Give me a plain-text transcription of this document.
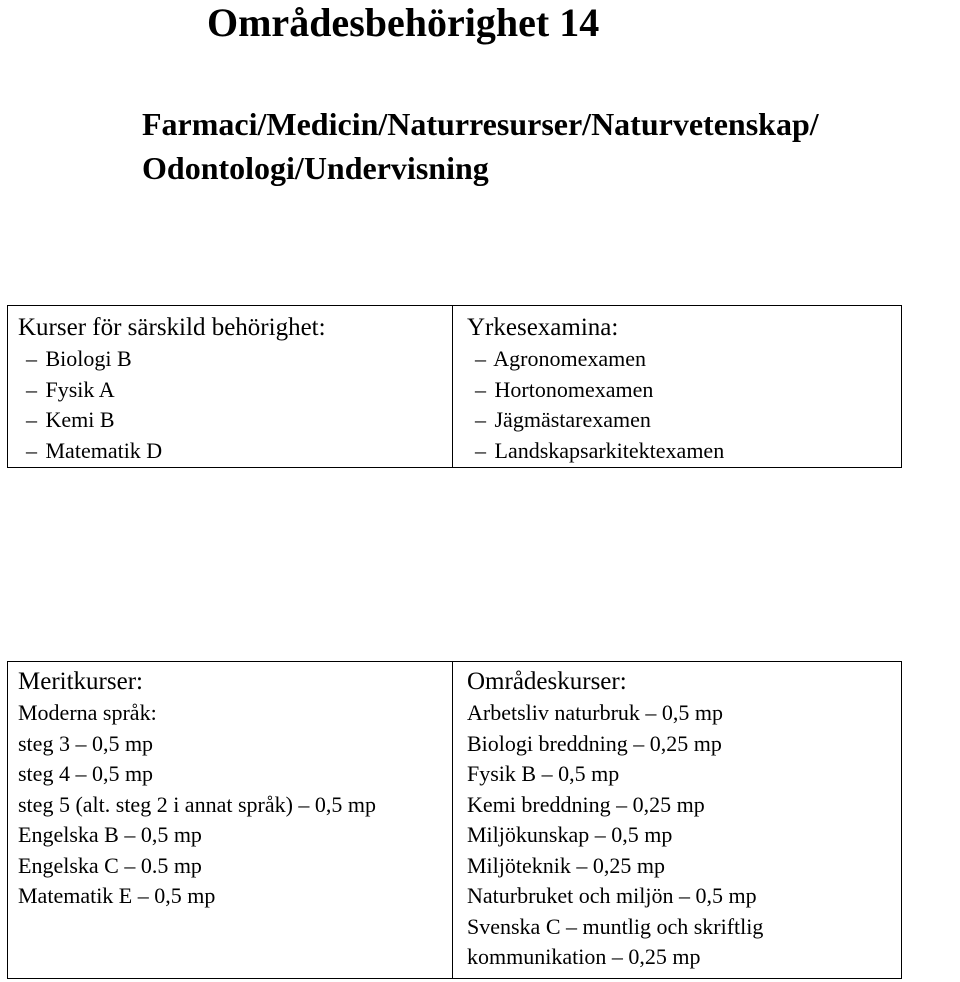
Områdesbehörighet 14
Farmaci/Medicin/Naturresurser/Naturvetenskap/
Odontologi/Undervisning
Kurser för särskild behörighet:
– Biologi B
– Fysik A
– Kemi B
– Matematik D
Yrkesexamina:
– Agronomexamen
– Hortonomexamen
– Jägmästarexamen
– Landskapsarkitektexamen
Meritkurser:
Moderna språk:
steg 3 – 0,5 mp
steg 4 – 0,5 mp
steg 5 (alt. steg 2 i annat språk) – 0,5 mp
Engelska B – 0,5 mp
Engelska C – 0.5 mp
Matematik E – 0,5 mp
Områdeskurser:
Arbetsliv naturbruk – 0,5 mp
Biologi breddning – 0,25 mp
Fysik B – 0,5 mp
Kemi breddning – 0,25 mp
Miljökunskap – 0,5 mp
Miljöteknik – 0,25 mp
Naturbruket och miljön – 0,5 mp
Svenska C – muntlig och skriftlig kommunikation – 0,25 mp
